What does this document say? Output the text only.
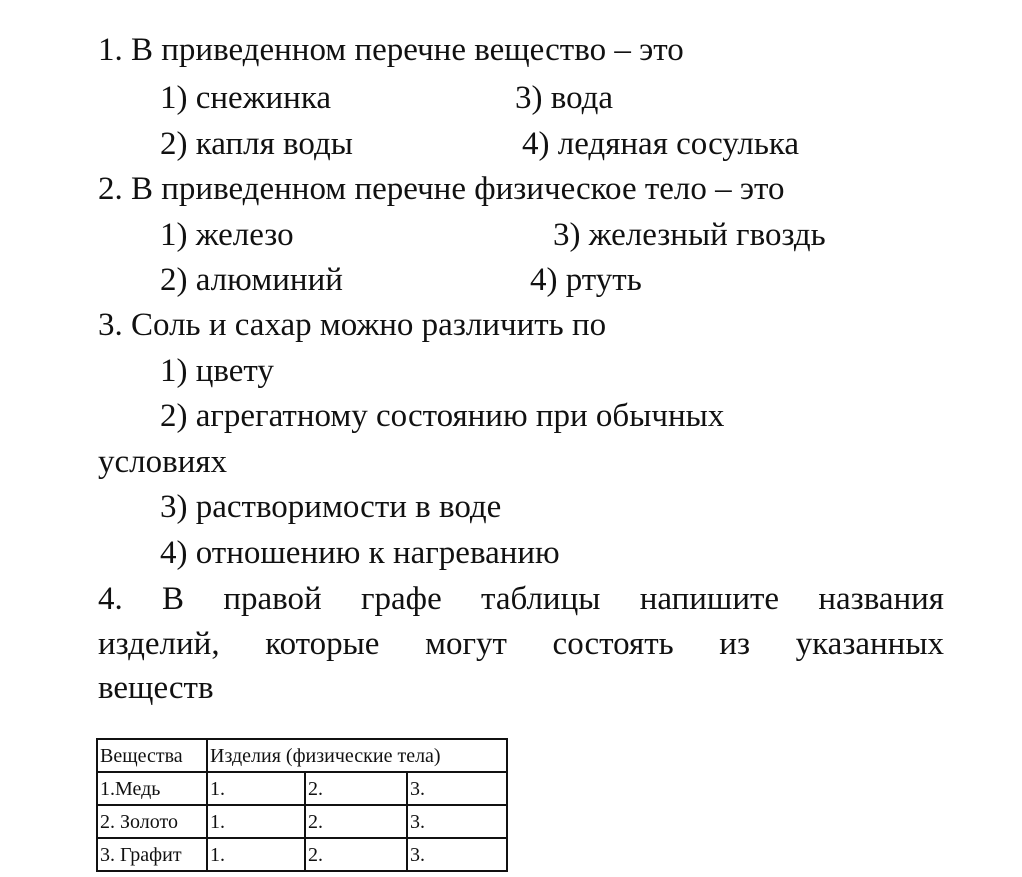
1. В приведенном перечне вещество – это
1) снежинка	3) вода
2) капля воды	4) ледяная сосулька
2. В приведенном перечне физическое тело – это
1) железо	3) железный гвоздь
2) алюминий	4) ртуть
3. Соль и сахар можно различить по
1) цвету
2) агрегатному состоянию при обычных
условиях
3) растворимости в воде
4) отношению к нагреванию
4. В правой графе таблицы напишите названия
изделий, которые могут состоять из указанных
веществ
Вещества	Изделия (физические тела)		
1.Медь	1.	2.	3.
2. Золото	1.	2.	3.
3. Графит	1.	2.	3.
